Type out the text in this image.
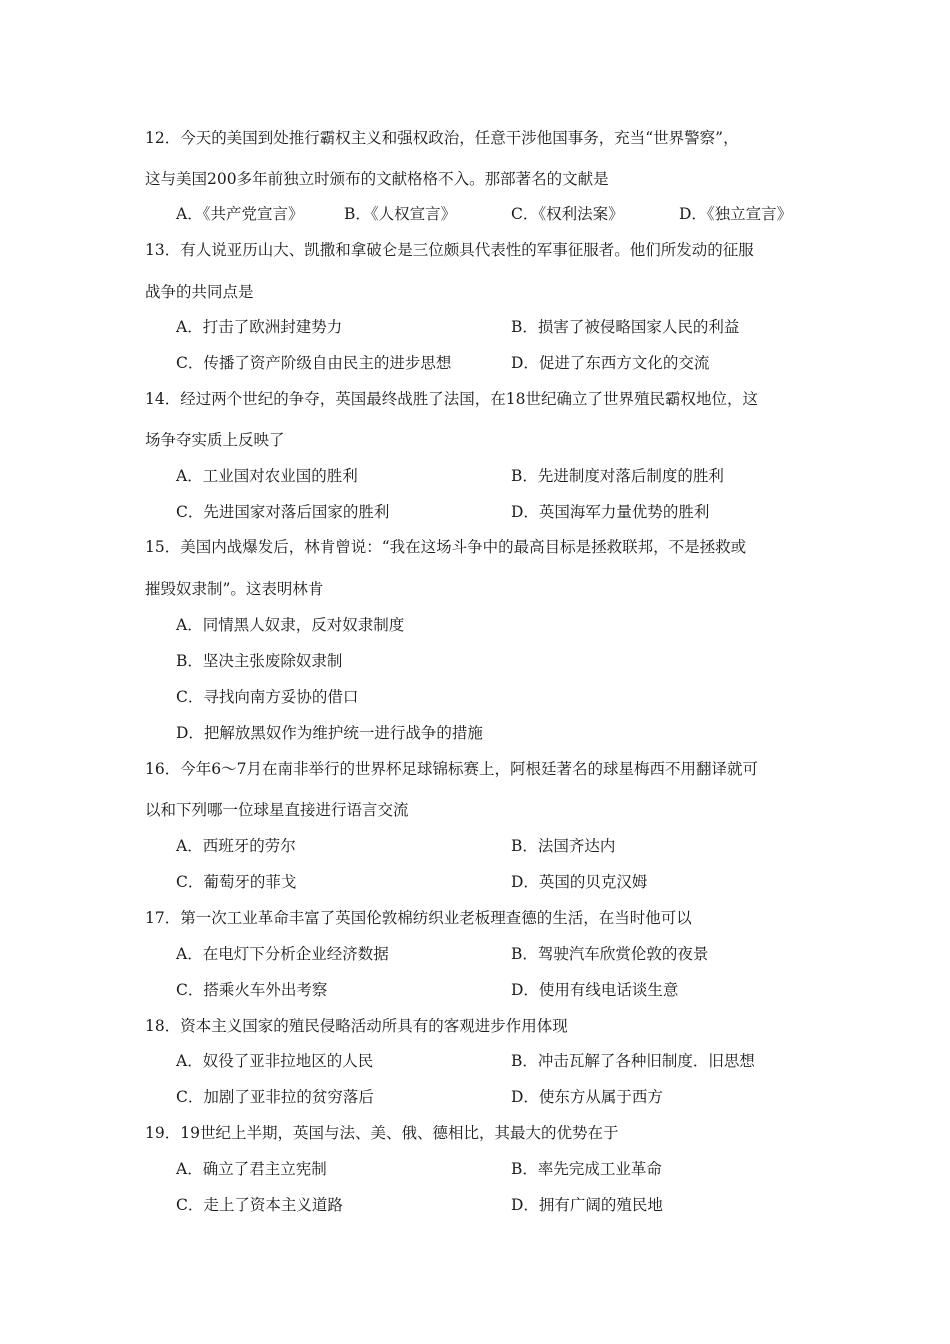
12．今天的美国到处推行霸权主义和强权政治，任意干涉他国事务，充当“世界警察”，
这与美国200多年前独立时颁布的文献格格不入。那部著名的文献是
A．《共产党宣言》	B．《人权宣言》	C．《权利法案》	D．《独立宣言》
13．有人说亚历山大、凯撒和拿破仑是三位颇具代表性的军事征服者。他们所发动的征服
战争的共同点是
A．打击了欧洲封建势力	B．损害了被侵略国家人民的利益
C．传播了资产阶级自由民主的进步思想	D．促进了东西方文化的交流
14．经过两个世纪的争夺，英国最终战胜了法国，在18世纪确立了世界殖民霸权地位，这
场争夺实质上反映了
A．工业国对农业国的胜利	B．先进制度对落后制度的胜利
C．先进国家对落后国家的胜利	D．英国海军力量优势的胜利
15．美国内战爆发后，林肯曾说：“我在这场斗争中的最高目标是拯救联邦，不是拯救或
摧毁奴隶制”。这表明林肯
A．同情黑人奴隶，反对奴隶制度
B．坚决主张废除奴隶制
C．寻找向南方妥协的借口
D．把解放黑奴作为维护统一进行战争的措施
16．今年6～7月在南非举行的世界杯足球锦标赛上，阿根廷著名的球星梅西不用翻译就可
以和下列哪一位球星直接进行语言交流
A．西班牙的劳尔	B．法国齐达内
C．葡萄牙的菲戈	D．英国的贝克汉姆
17．第一次工业革命丰富了英国伦敦棉纺织业老板理查德的生活，在当时他可以
A．在电灯下分析企业经济数据	B．驾驶汽车欣赏伦敦的夜景
C．搭乘火车外出考察	D．使用有线电话谈生意
18．资本主义国家的殖民侵略活动所具有的客观进步作用体现
A．奴役了亚非拉地区的人民	B．冲击瓦解了各种旧制度．旧思想
C．加剧了亚非拉的贫穷落后	D．使东方从属于西方
19．19世纪上半期，英国与法、美、俄、德相比，其最大的优势在于
A．确立了君主立宪制	B．率先完成工业革命
C．走上了资本主义道路	D．拥有广阔的殖民地
